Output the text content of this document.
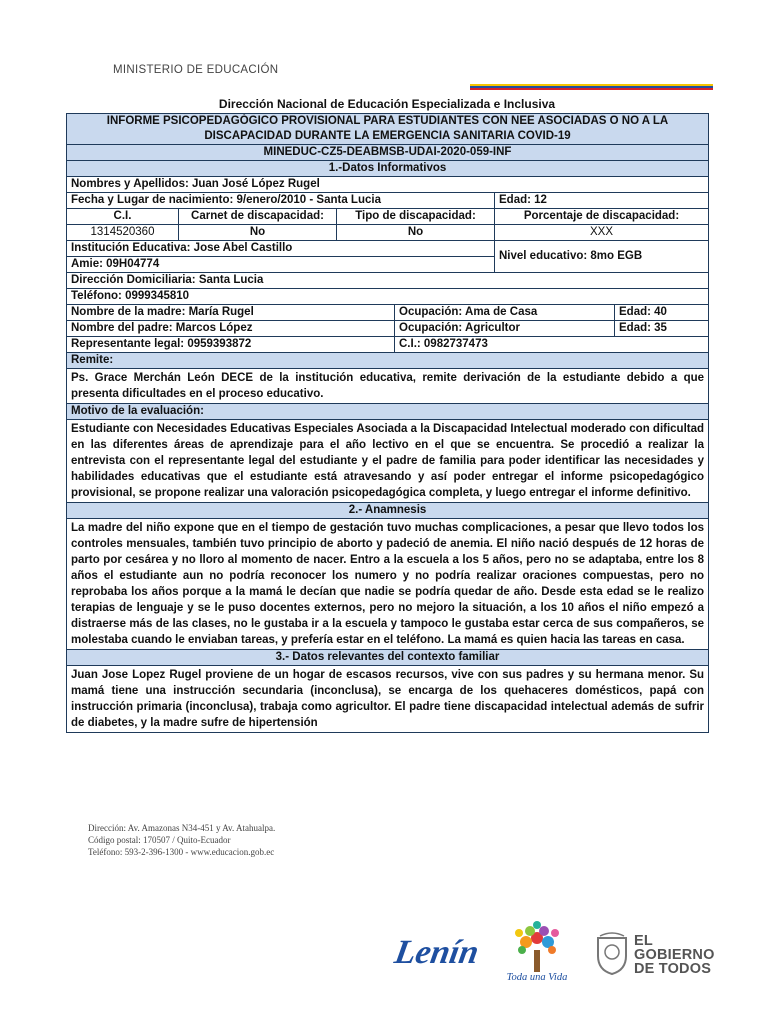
MINISTERIO DE EDUCACIÓN
Dirección Nacional de Educación Especializada e Inclusiva
INFORME PSICOPEDAGÓGICO PROVISIONAL PARA ESTUDIANTES CON NEE ASOCIADAS O NO A LA DISCAPACIDAD DURANTE LA EMERGENCIA SANITARIA COVID-19					
MINEDUC-CZ5-DEABMSB-UDAI-2020-059-INF					
1.-Datos Informativos					
Nombres y Apellidos: Juan José López Rugel					
Fecha y Lugar de nacimiento: 9/enero/2010 - Santa Lucia				Edad: 12	
C.I.	Carnet de discapacidad:	Tipo de discapacidad:		Porcentaje de discapacidad:	
1314520360	No	No		XXX	
Institución Educativa: Jose Abel Castillo				Nivel educativo: 8mo EGB	
Amie: 09H04774					
Dirección Domiciliaria: Santa Lucia					
Teléfono: 0999345810					
Nombre de la madre: María Rugel			Ocupación: Ama de Casa		Edad: 40
Nombre del padre: Marcos López			Ocupación: Agricultor		Edad: 35
Representante legal: 0959393872			C.I.: 0982737473		
Remite:					
Ps. Grace Merchán León DECE de la institución educativa, remite derivación de la estudiante debido a que presenta dificultades en el proceso educativo.					
Motivo de la evaluación:					
Estudiante con Necesidades Educativas Especiales Asociada a la Discapacidad Intelectual moderado con dificultad en las diferentes áreas de aprendizaje para el año lectivo en el que se encuentra. Se procedió a realizar la entrevista con el representante legal del estudiante y el padre de familia para poder identificar las necesidades y habilidades educativas que el estudiante está atravesando y así poder entregar el informe psicopedagógico provisional, se propone realizar una valoración psicopedagógica completa, y luego entregar el informe definitivo.					
2.- Anamnesis					
La madre del niño expone que en el tiempo de gestación tuvo muchas complicaciones, a pesar que llevo todos los controles mensuales, también tuvo principio de aborto y padeció de anemia. El niño nació después de 12 horas de parto por cesárea y no lloro al momento de nacer. Entro a la escuela a los 5 años, pero no se adaptaba, entre los 8 años el estudiante aun no podría reconocer los numero y no podría realizar oraciones compuestas, pero no reprobaba los años porque a la mamá le decían que nadie se podría quedar de año. Desde esta edad se le realizo terapias de lenguaje y se le puso docentes externos, pero no mejoro la situación, a los 10 años el niño empezó a distraerse más de las clases, no le gustaba ir a la escuela y tampoco le gustaba estar cerca de sus compañeros, se molestaba cuando le enviaban tareas, y prefería estar en el teléfono. La mamá es quien hacia las tareas en casa.					
3.- Datos relevantes del contexto familiar					
Juan Jose Lopez Rugel proviene de un hogar de escasos recursos, vive con sus padres y su hermana menor. Su mamá tiene una instrucción secundaria (inconclusa), se encarga de los quehaceres domésticos, papá con instrucción primaria (inconclusa), trabaja como agricultor. El padre tiene discapacidad intelectual además de sufrir de diabetes, y la madre sufre de hipertensión					
Dirección: Av. Amazonas N34-451 y Av. Atahualpa.
Código postal: 170507 / Quito-Ecuador
Teléfono: 593-2-396-1300 - www.educacion.gob.ec
Lenín
Toda una Vida
EL
GOBIERNO
DE TODOS
